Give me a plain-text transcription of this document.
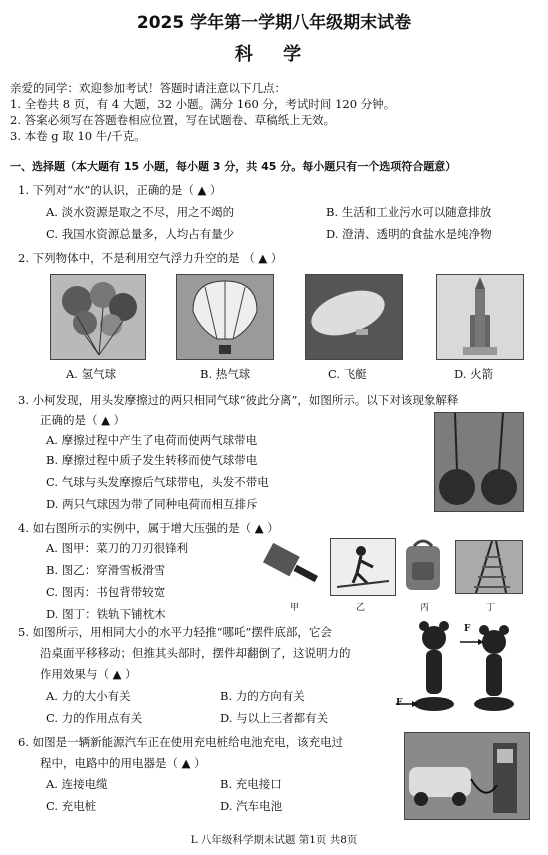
2025 学年第一学期八年级期末试卷
科 学
亲爱的同学：欢迎参加考试！答题时请注意以下几点：
1. 全卷共 8 页，有 4 大题，32 小题。满分 160 分，考试时间 120 分钟。
2. 答案必须写在答题卷相应位置，写在试题卷、草稿纸上无效。
3. 本卷 g 取 10 牛/千克。
一、选择题（本大题有 15 小题，每小题 3 分，共 45 分。每小题只有一个选项符合题意）
1. 下列对“水”的认识，正确的是（ ▲ ）
A. 淡水资源是取之不尽，用之不竭的	B. 生活和工业污水可以随意排放
C. 我国水资源总量多，人均占有量少	D. 澄清、透明的食盐水是纯净物
2. 下列物体中，不是利用空气浮力升空的是 （ ▲ ）
A. 氢气球	B. 热气球	C. 飞艇	D. 火箭
3. 小柯发现，用头发摩擦过的两只相同气球“彼此分离”，如图所示。以下对该现象解释
正确的是（ ▲ ）
A. 摩擦过程中产生了电荷而使两气球带电
B. 摩擦过程中质子发生转移而使气球带电
C. 气球与头发摩擦后气球带电，头发不带电
D. 两只气球因为带了同种电荷而相互排斥
4. 如右图所示的实例中，属于增大压强的是（ ▲ ）
A. 图甲：菜刀的刀刃很锋利
B. 图乙：穿滑雪板滑雪
C. 图丙：书包背带较宽
D. 图丁：铁轨下铺枕木	甲	乙	丙	丁
5. 如图所示，用相同大小的水平力轻推“哪吒”摆件底部，它会
沿桌面平移移动；但推其头部时，摆件却翻倒了，这说明力的
作用效果与（ ▲ ）
A. 力的大小有关	B. 力的方向有关
C. 力的作用点有关	D. 与以上三者都有关
F
F
6. 如图是一辆新能源汽车正在使用充电桩给电池充电，该充电过
程中，电路中的用电器是（ ▲ ）
A. 连接电缆	B. 充电接口
C. 充电桩	D. 汽车电池
L 八年级科学期末试题 第1页 共8页
